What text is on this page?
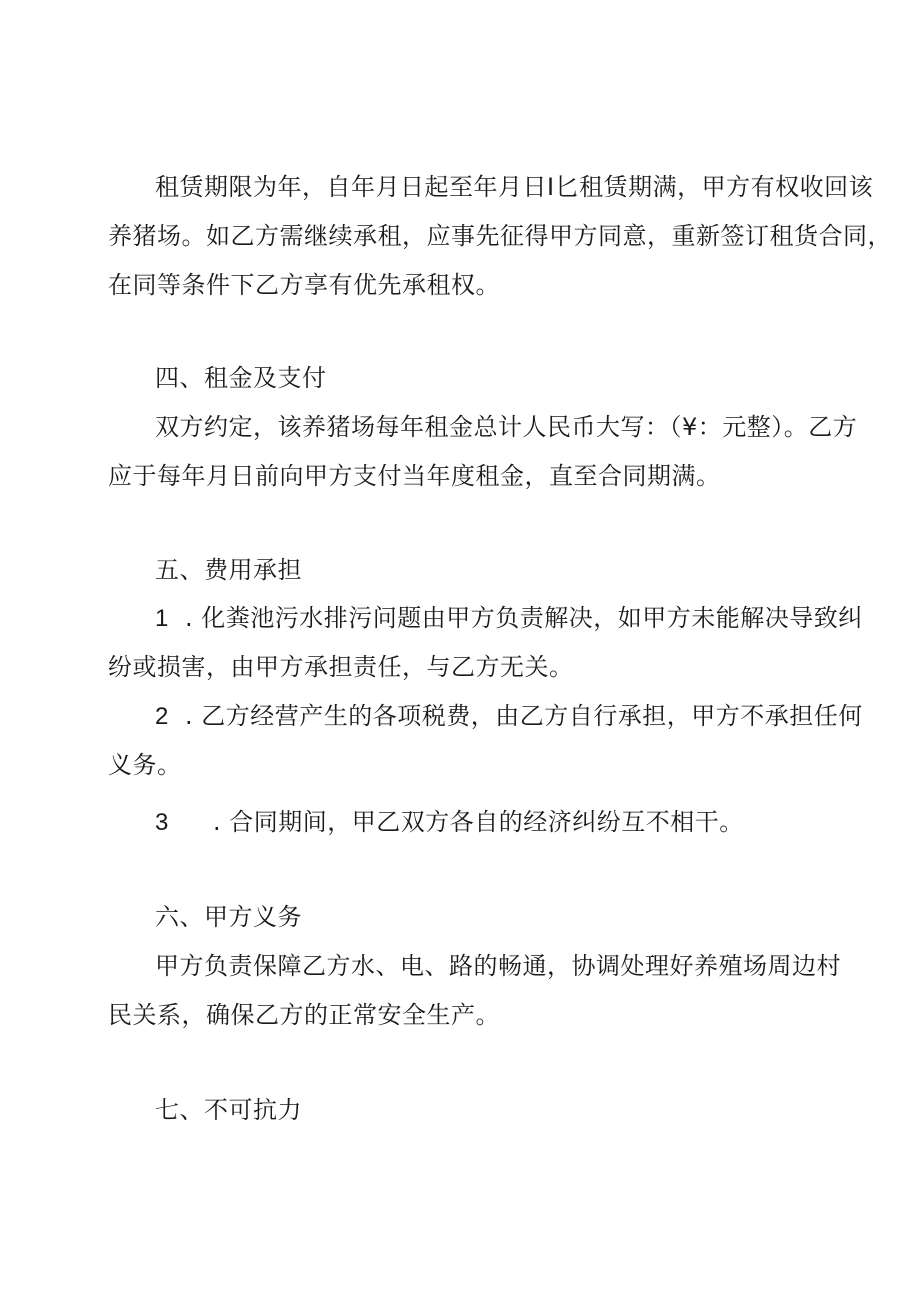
租赁期限为年，自年月日起至年月日I匕租赁期满，甲方有权收回该
养猪场。如乙方需继续承租，应事先征得甲方同意，重新签订租货合同，
在同等条件下乙方享有优先承租权。
四、租金及支付
双方约定，该养猪场每年租金总计人民币大写：（¥：元整）。乙方
应于每年月日前向甲方支付当年度租金，直至合同期满。
五、费用承担
1 . 化粪池污水排污问题由甲方负责解决，如甲方未能解决导致纠
纷或损害，由甲方承担责任，与乙方无关。
2 . 乙方经营产生的各项税费，由乙方自行承担，甲方不承担任何
义务。
3 . 合同期间，甲乙双方各自的经济纠纷互不相干。
六、甲方义务
甲方负责保障乙方水、电、路的畅通，协调处理好养殖场周边村
民关系，确保乙方的正常安全生产。
七、不可抗力
